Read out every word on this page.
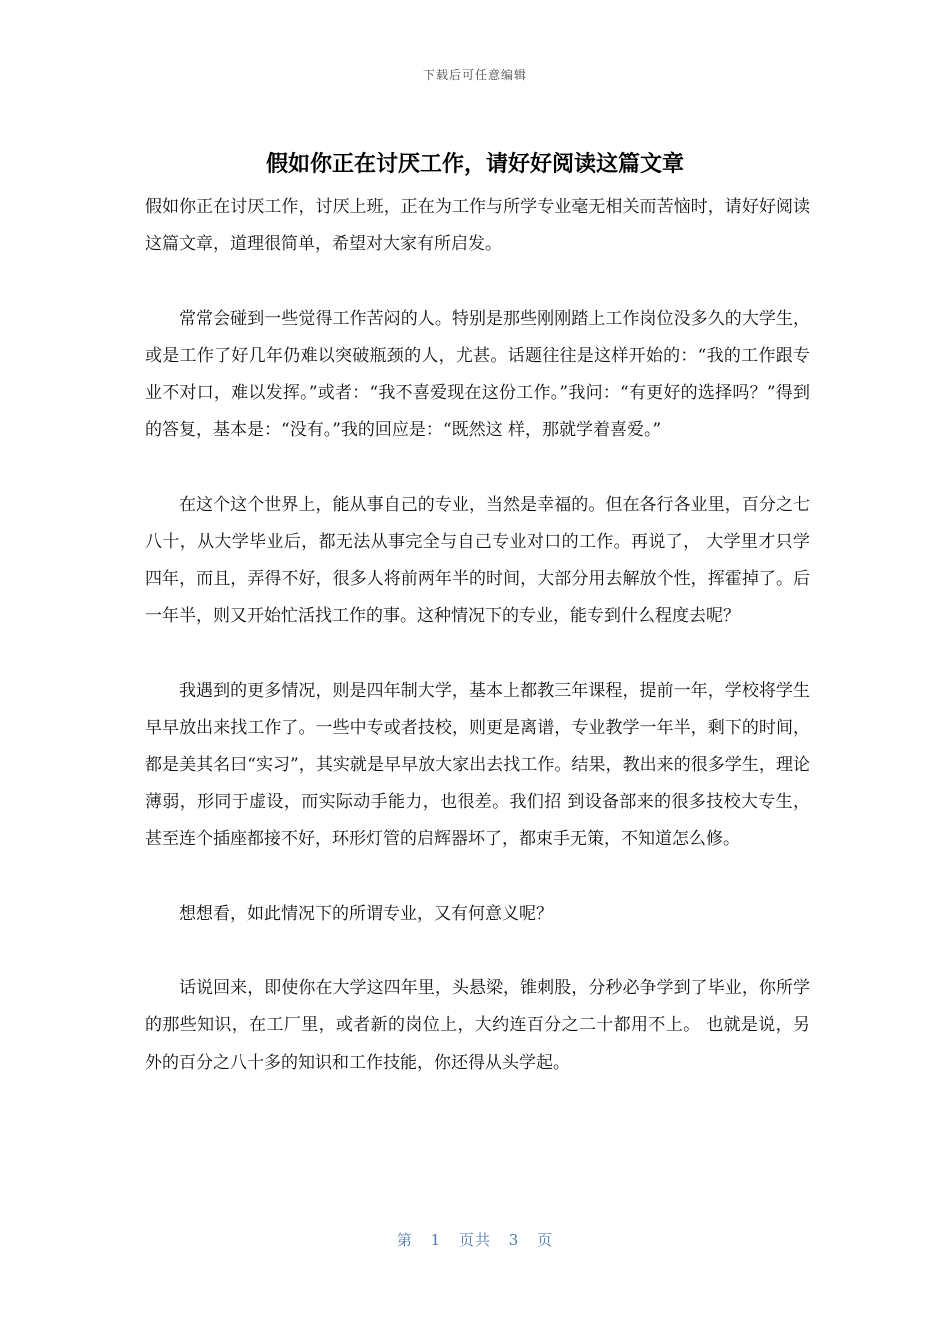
下载后可任意编辑
假如你正在讨厌工作，请好好阅读这篇文章

假如你正在讨厌工作，讨厌上班，正在为工作与所学专业毫无相关而苦恼时，请好好阅读这篇文章，道理很简单，希望对大家有所启发。

常常会碰到一些觉得工作苦闷的人。特别是那些刚刚踏上工作岗位没多久的大学生，或是工作了好几年仍难以突破瓶颈的人，尤甚。话题往往是这样开始的：“我的工作跟专业不对口，难以发挥。”或者：“我不喜爱现在这份工作。”我问：“有更好的选择吗？”得到的答复，基本是：“没有。”我的回应是：“既然这 样，那就学着喜爱。”

在这个这个世界上，能从事自己的专业，当然是幸福的。但在各行各业里，百分之七八十，从大学毕业后，都无法从事完全与自己专业对口的工作。再说了， 大学里才只学四年，而且，弄得不好，很多人将前两年半的时间，大部分用去解放个性，挥霍掉了。后一年半，则又开始忙活找工作的事。这种情况下的专业，能专到什么程度去呢？

我遇到的更多情况，则是四年制大学，基本上都教三年课程，提前一年，学校将学生早早放出来找工作了。一些中专或者技校，则更是离谱，专业教学一年半，剩下的时间，都是美其名曰“实习”，其实就是早早放大家出去找工作。结果，教出来的很多学生，理论薄弱，形同于虚设，而实际动手能力，也很差。我们招 到设备部来的很多技校大专生，甚至连个插座都接不好，环形灯管的启辉器坏了，都束手无策，不知道怎么修。

想想看，如此情况下的所谓专业，又有何意义呢？

话说回来，即使你在大学这四年里，头悬梁，锥刺股，分秒必争学到了毕业，你所学的那些知识，在工厂里，或者新的岗位上，大约连百分之二十都用不上。 也就是说，另外的百分之八十多的知识和工作技能，你还得从头学起。

第 1 页共 3 页
